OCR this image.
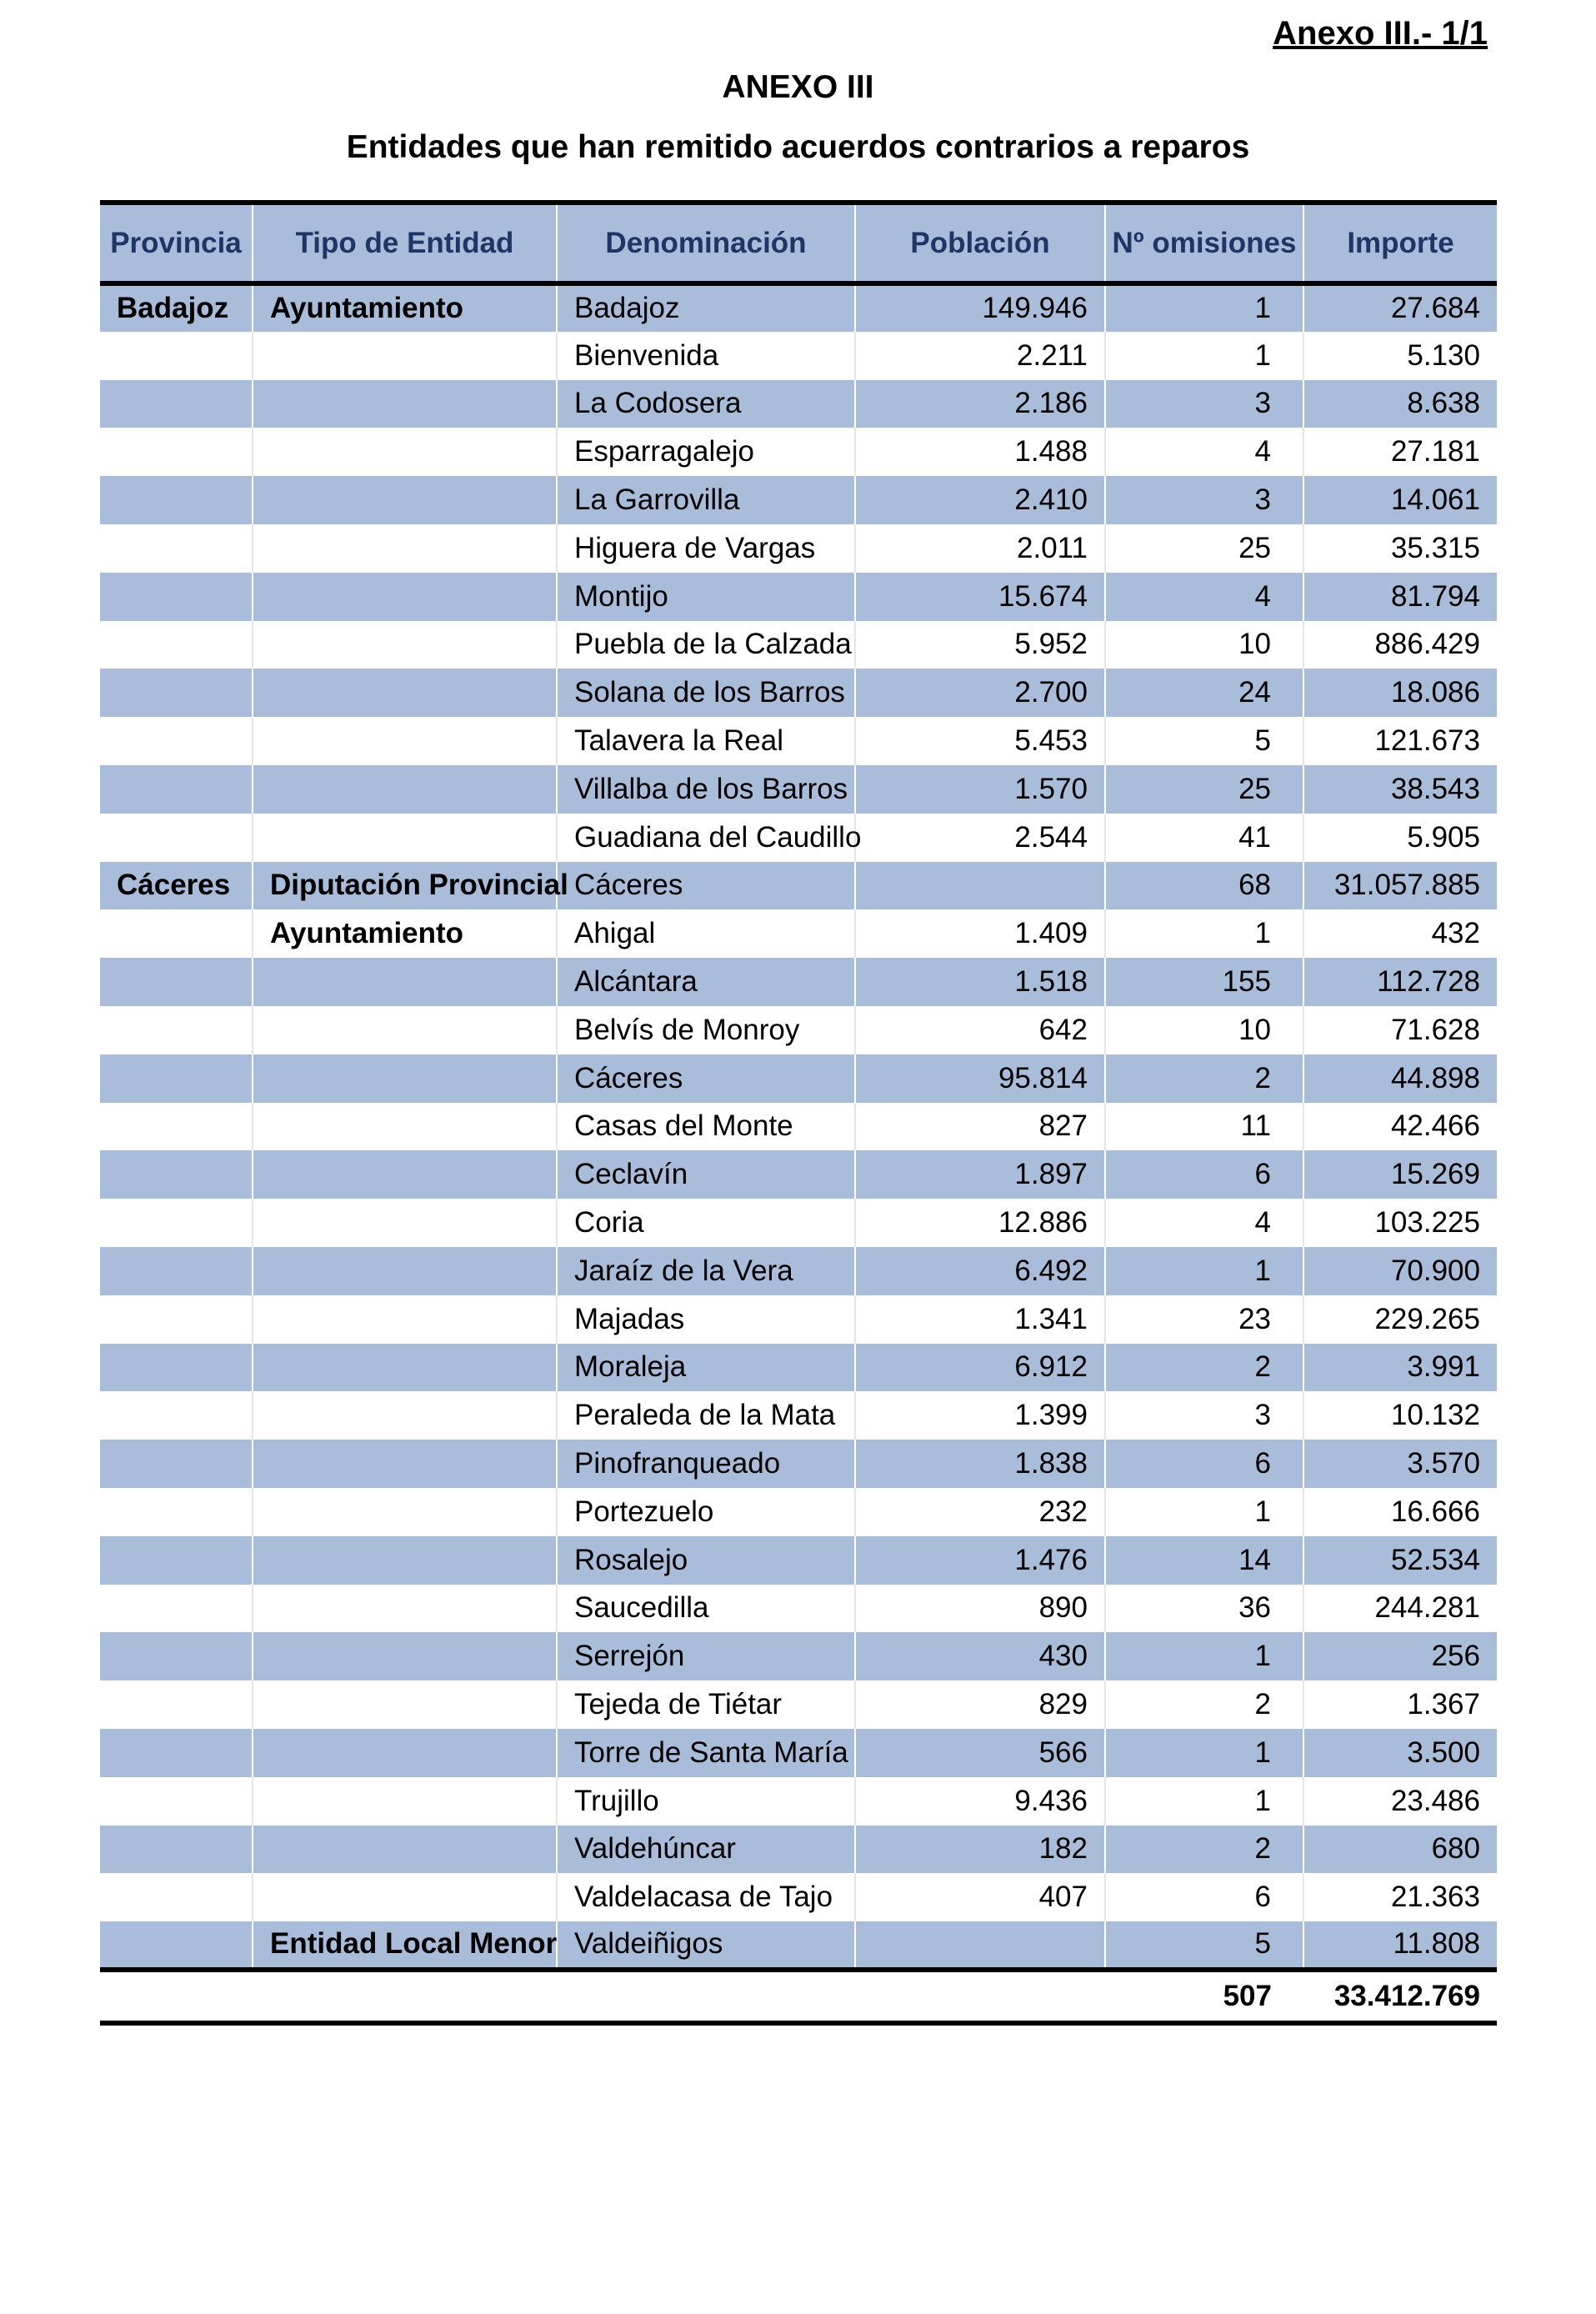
Anexo III.- 1/1
ANEXO III
Entidades que han remitido acuerdos contrarios a reparos
Provincia	Tipo de Entidad	Denominación	Población	Nº omisiones	Importe
Badajoz	Ayuntamiento	Badajoz	149.946	1	27.684
		Bienvenida	2.211	1	5.130
		La Codosera	2.186	3	8.638
		Esparragalejo	1.488	4	27.181
		La Garrovilla	2.410	3	14.061
		Higuera de Vargas	2.011	25	35.315
		Montijo	15.674	4	81.794
		Puebla de la Calzada	5.952	10	886.429
		Solana de los Barros	2.700	24	18.086
		Talavera la Real	5.453	5	121.673
		Villalba de los Barros	1.570	25	38.543
		Guadiana del Caudillo	2.544	41	5.905
Cáceres	Diputación Provincial	Cáceres		68	31.057.885
	Ayuntamiento	Ahigal	1.409	1	432
		Alcántara	1.518	155	112.728
		Belvís de Monroy	642	10	71.628
		Cáceres	95.814	2	44.898
		Casas del Monte	827	11	42.466
		Ceclavín	1.897	6	15.269
		Coria	12.886	4	103.225
		Jaraíz de la Vera	6.492	1	70.900
		Majadas	1.341	23	229.265
		Moraleja	6.912	2	3.991
		Peraleda de la Mata	1.399	3	10.132
		Pinofranqueado	1.838	6	3.570
		Portezuelo	232	1	16.666
		Rosalejo	1.476	14	52.534
		Saucedilla	890	36	244.281
		Serrejón	430	1	256
		Tejeda de Tiétar	829	2	1.367
		Torre de Santa María	566	1	3.500
		Trujillo	9.436	1	23.486
		Valdehúncar	182	2	680
		Valdelacasa de Tajo	407	6	21.363
	Entidad Local Menor	Valdeiñigos		5	11.808
				507	33.412.769
